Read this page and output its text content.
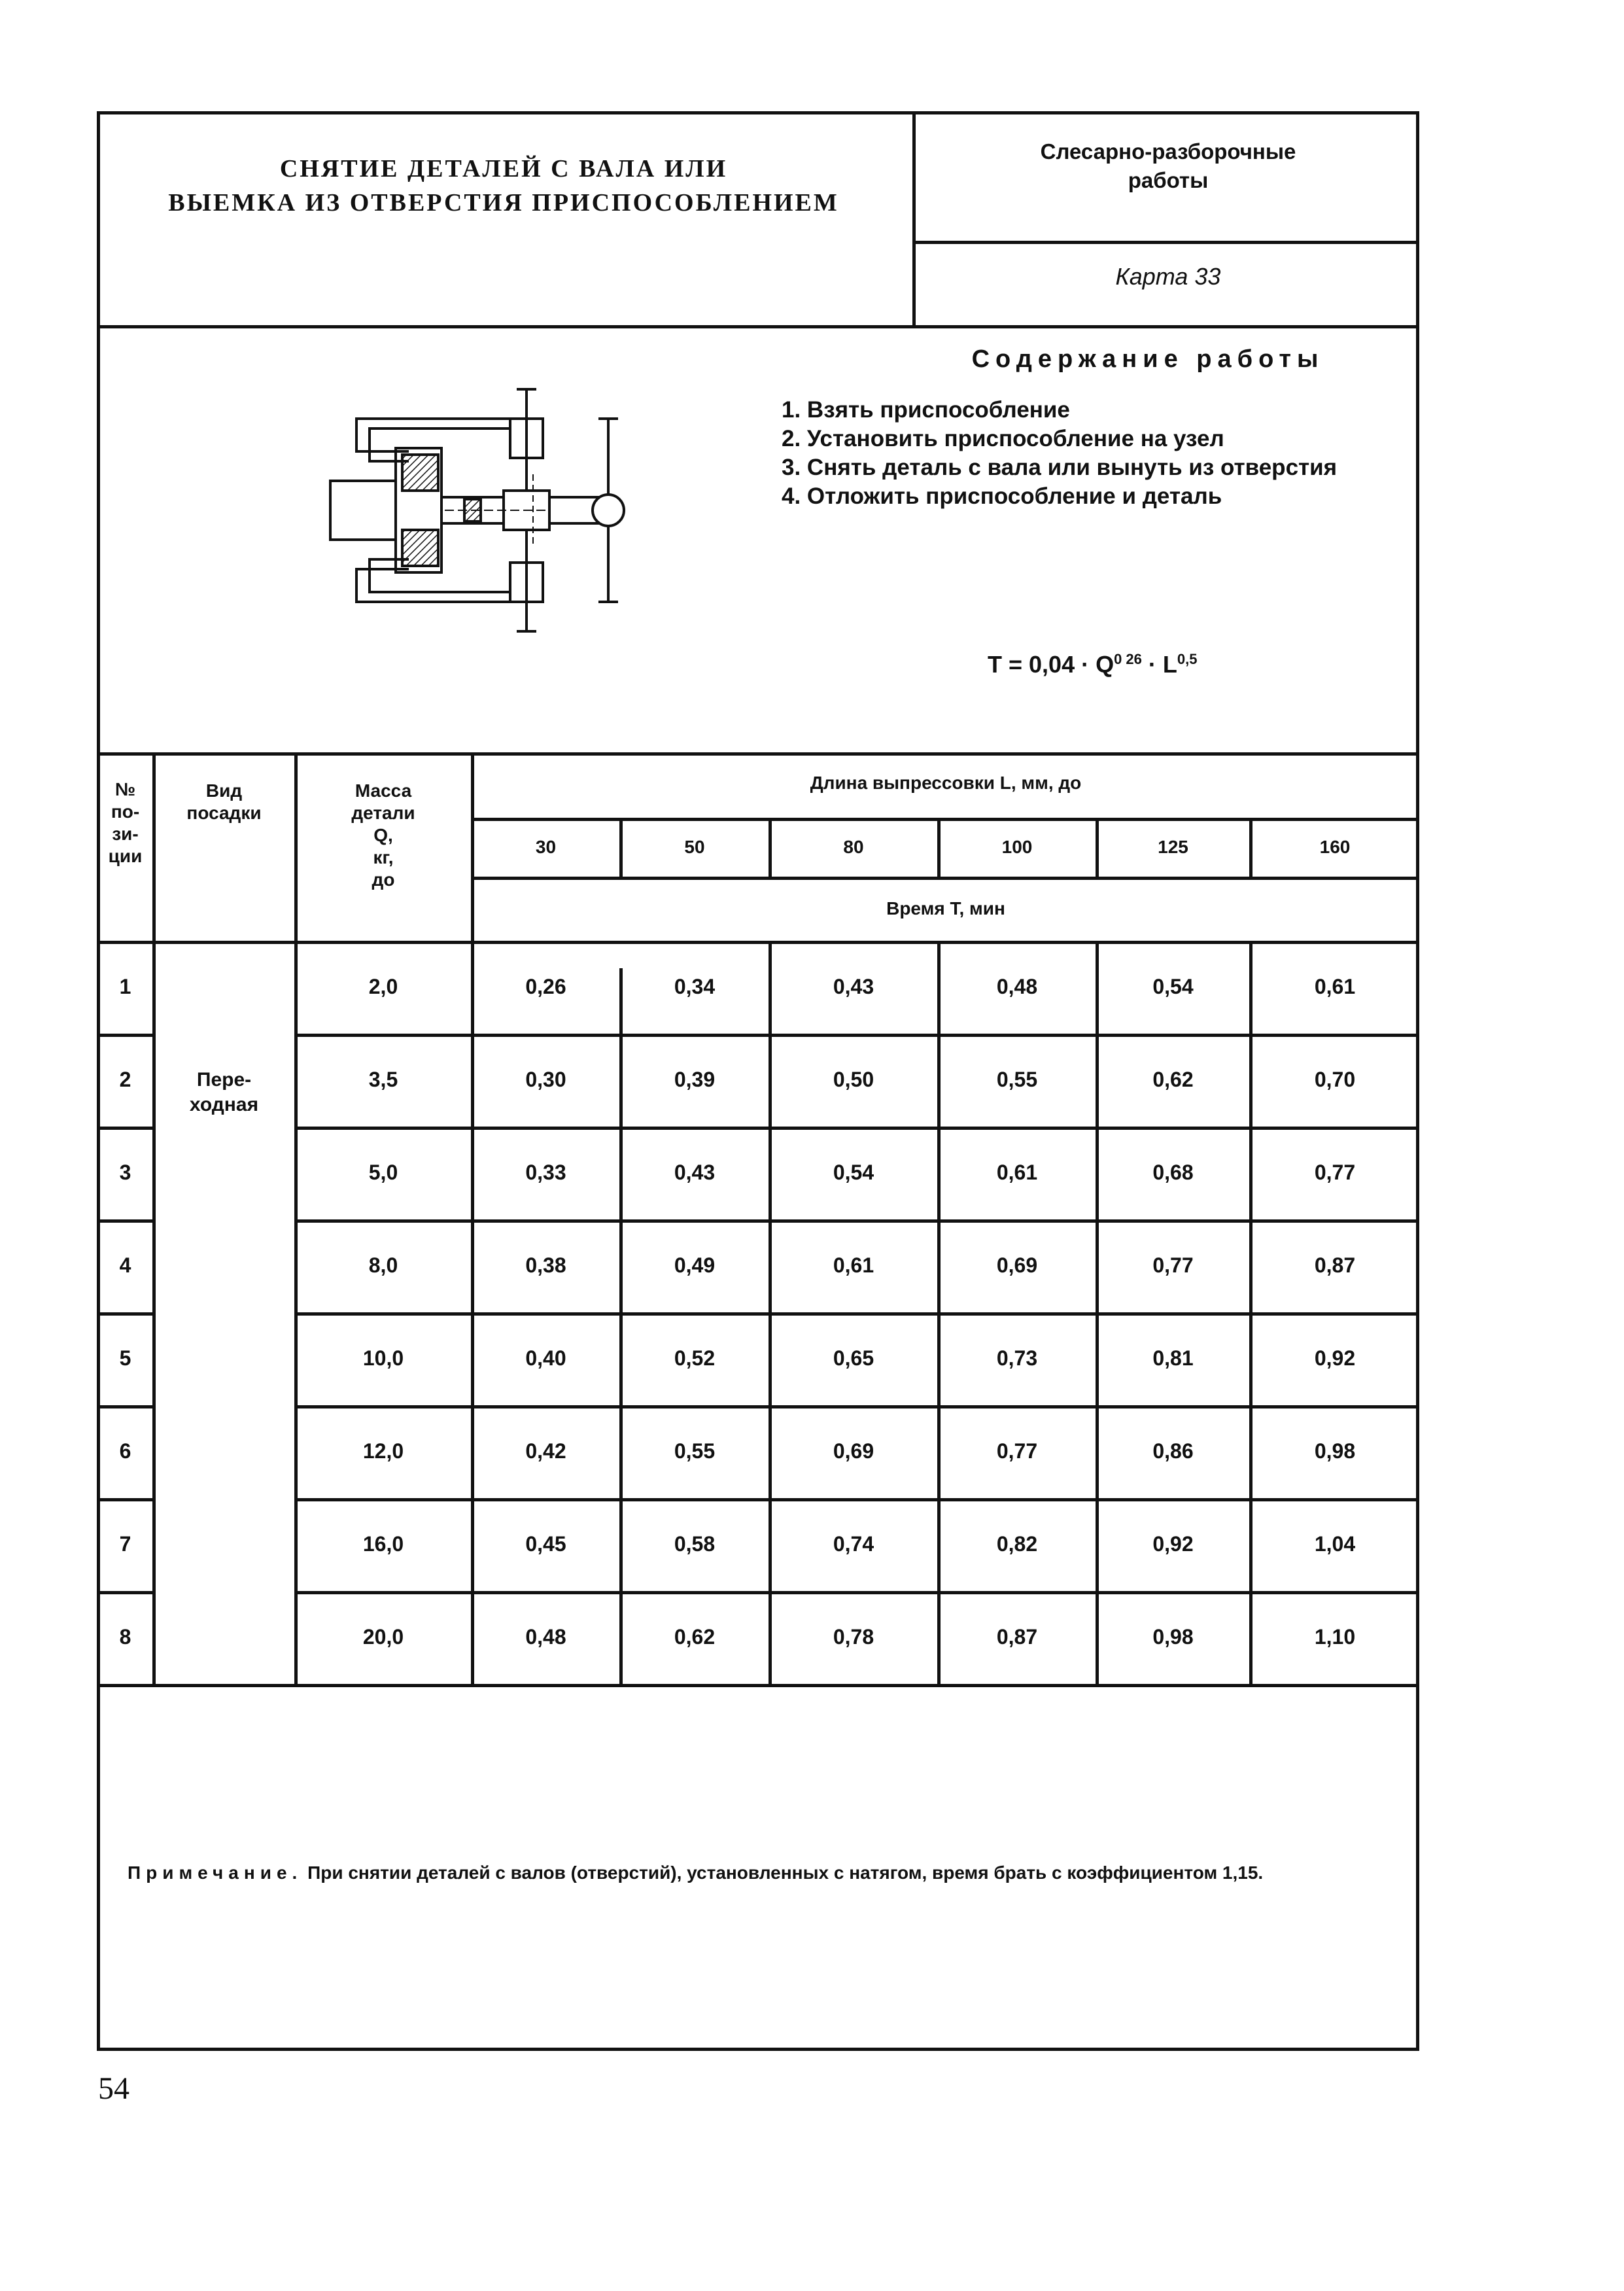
СНЯТИЕ ДЕТАЛЕЙ С ВАЛА ИЛИ
ВЫЕМКА ИЗ ОТВЕРСТИЯ ПРИСПОСОБЛЕНИЕМ
Слесарно-разборочные
работы
Карта 33
Содержание работы
1. Взять приспособление
2. Установить приспособление на узел
3. Снять деталь с вала или вынуть из отверстия
4. Отложить приспособление и деталь
$T = 0,04 \cdot Q^{0 26} \cdot L^{0,5}$
№
по-
зи-
ции
Вид
посадки
Масса
детали
Q,
кг,
до
Длина выпрессовки L, мм, до
30	50	80	100	125	160
Время T, мин
Пере-
ходная
1	2,0	0,26	0,34	0,43	0,48	0,54	0,61
2	3,5	0,30	0,39	0,50	0,55	0,62	0,70
3	5,0	0,33	0,43	0,54	0,61	0,68	0,77
4	8,0	0,38	0,49	0,61	0,69	0,77	0,87
5	10,0	0,40	0,52	0,65	0,73	0,81	0,92
6	12,0	0,42	0,55	0,69	0,77	0,86	0,98
7	16,0	0,45	0,58	0,74	0,82	0,92	1,04
8	20,0	0,48	0,62	0,78	0,87	0,98	1,10
Примечание. При снятии деталей с валов (отверстий), установленных с натягом, время брать с коэффициентом 1,15.
54
